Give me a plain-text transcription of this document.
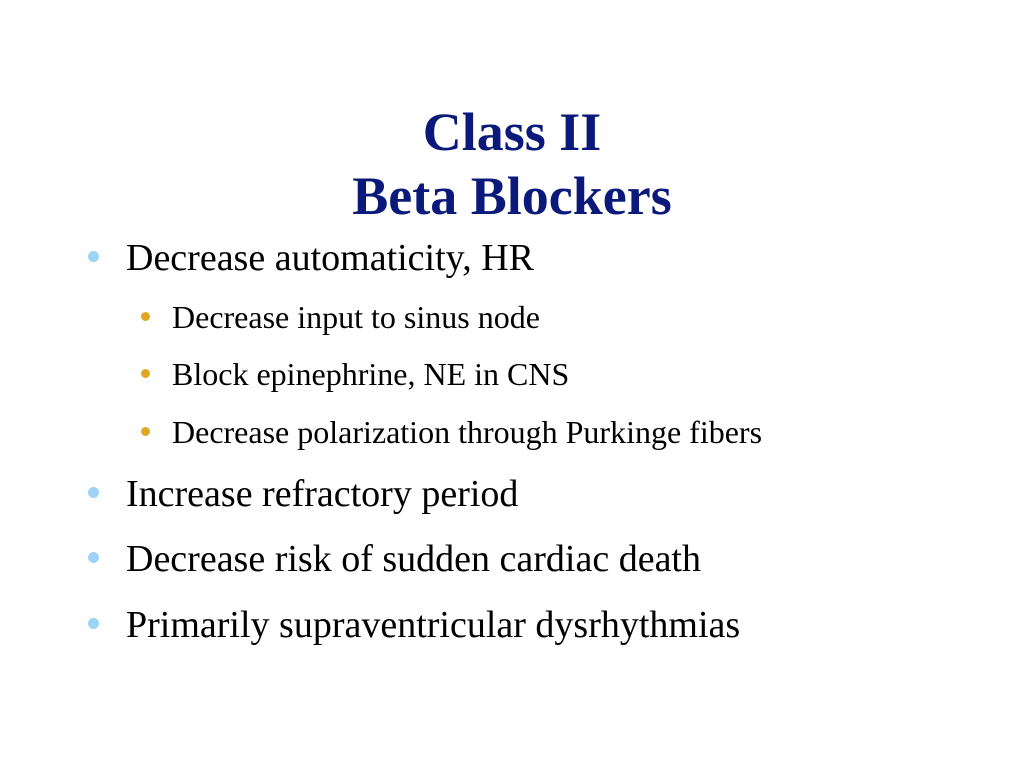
Class II
Beta Blockers
Decrease automaticity, HR
Decrease input to sinus node
Block epinephrine, NE in CNS
Decrease polarization through Purkinge fibers
Increase refractory period
Decrease risk of sudden cardiac death
Primarily supraventricular dysrhythmias
